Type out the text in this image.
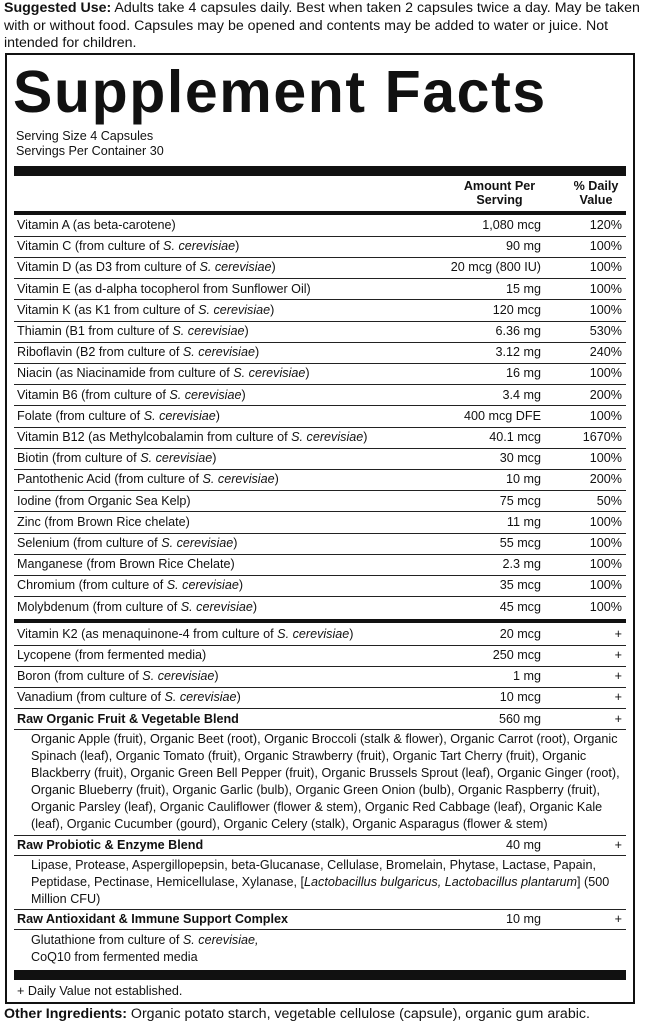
Suggested Use: Adults take 4 capsules daily. Best when taken 2 capsules twice a day. May be taken with or without food. Capsules may be opened and contents may be added to water or juice. Not intended for children.
Supplement Facts
Serving Size 4 Capsules
Servings Per Container 30
Amount Per Serving
% Daily Value
Vitamin A (as beta-carotene)	1,080 mcg	120%
Vitamin C (from culture of S. cerevisiae)	90 mg	100%
Vitamin D (as D3 from culture of S. cerevisiae)	20 mcg (800 IU)	100%
Vitamin E (as d-alpha tocopherol from Sunflower Oil)	15 mg	100%
Vitamin K (as K1 from culture of S. cerevisiae)	120 mcg	100%
Thiamin (B1 from culture of S. cerevisiae)	6.36 mg	530%
Riboflavin (B2 from culture of S. cerevisiae)	3.12 mg	240%
Niacin (as Niacinamide from culture of S. cerevisiae)	16 mg	100%
Vitamin B6 (from culture of S. cerevisiae)	3.4 mg	200%
Folate (from culture of S. cerevisiae)	400 mcg DFE	100%
Vitamin B12 (as Methylcobalamin from culture of S. cerevisiae)	40.1 mcg	1670%
Biotin (from culture of S. cerevisiae)	30 mcg	100%
Pantothenic Acid (from culture of S. cerevisiae)	10 mg	200%
Iodine (from Organic Sea Kelp)	75 mcg	50%
Zinc (from Brown Rice chelate)	11 mg	100%
Selenium (from culture of S. cerevisiae)	55 mcg	100%
Manganese (from Brown Rice Chelate)	2.3 mg	100%
Chromium (from culture of S. cerevisiae)	35 mcg	100%
Molybdenum (from culture of S. cerevisiae)	45 mcg	100%
Vitamin K2 (as menaquinone-4 from culture of S. cerevisiae)	20 mcg	+
Lycopene (from fermented media)	250 mcg	+
Boron (from culture of S. cerevisiae)	1 mg	+
Vanadium (from culture of S. cerevisiae)	10 mcg	+
Raw Organic Fruit & Vegetable Blend	560 mg	+
Organic Apple (fruit), Organic Beet (root), Organic Broccoli (stalk & flower), Organic Carrot (root), Organic Spinach (leaf), Organic Tomato (fruit), Organic Strawberry (fruit), Organic Tart Cherry (fruit), Organic Blackberry (fruit), Organic Green Bell Pepper (fruit), Organic Brussels Sprout (leaf), Organic Ginger (root), Organic Blueberry (fruit), Organic Garlic (bulb), Organic Green Onion (bulb), Organic Raspberry (fruit), Organic Parsley (leaf), Organic Cauliflower (flower & stem), Organic Red Cabbage (leaf), Organic Kale (leaf), Organic Cucumber (gourd), Organic Celery (stalk), Organic Asparagus (flower & stem)
Raw Probiotic & Enzyme Blend	40 mg	+
Lipase, Protease, Aspergillopepsin, beta-Glucanase, Cellulase, Bromelain, Phytase, Lactase, Papain, Peptidase, Pectinase, Hemicellulase, Xylanase, [Lactobacillus bulgaricus, Lactobacillus plantarum] (500 Million CFU)
Raw Antioxidant & Immune Support Complex	10 mg	+
Glutathione from culture of S. cerevisiae,
CoQ10 from fermented media
+ Daily Value not established.
Other Ingredients: Organic potato starch, vegetable cellulose (capsule), organic gum arabic.
